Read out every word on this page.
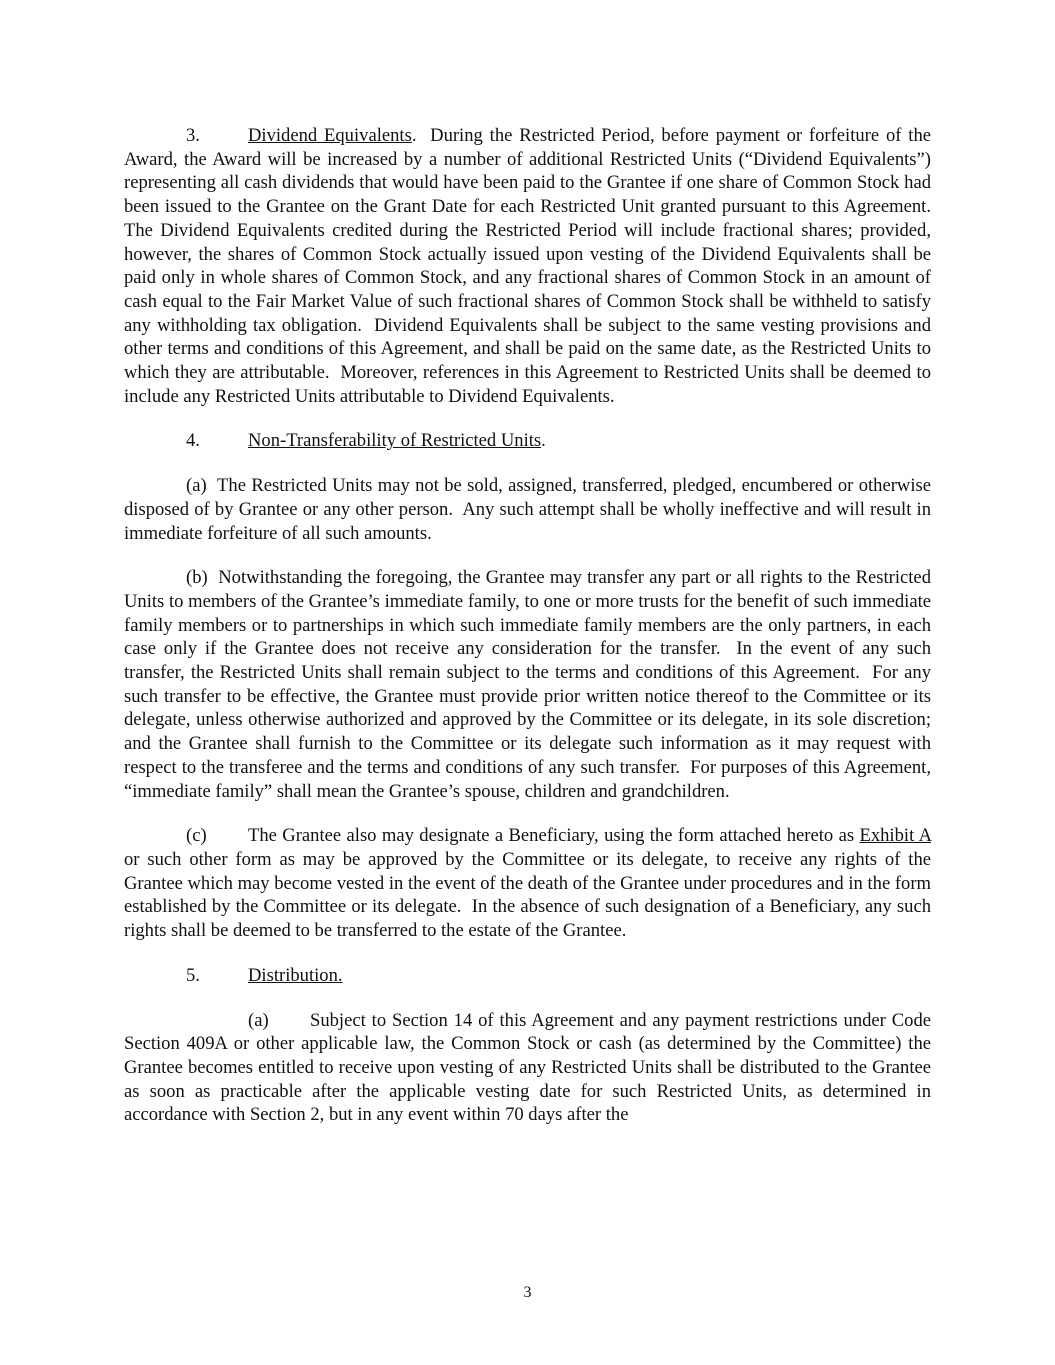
3.	Dividend Equivalents.  During the Restricted Period, before payment or forfeiture of the Award, the Award will be increased by a number of additional Restricted Units (“Dividend Equivalents”) representing all cash dividends that would have been paid to the Grantee if one share of Common Stock had been issued to the Grantee on the Grant Date for each Restricted Unit granted pursuant to this Agreement.  The Dividend Equivalents credited during the Restricted Period will include fractional shares; provided, however, the shares of Common Stock actually issued upon vesting of the Dividend Equivalents shall be paid only in whole shares of Common Stock, and any fractional shares of Common Stock in an amount of cash equal to the Fair Market Value of such fractional shares of Common Stock shall be withheld to satisfy any withholding tax obligation.  Dividend Equivalents shall be subject to the same vesting provisions and other terms and conditions of this Agreement, and shall be paid on the same date, as the Restricted Units to which they are attributable.  Moreover, references in this Agreement to Restricted Units shall be deemed to include any Restricted Units attributable to Dividend Equivalents.

4.	Non-Transferability of Restricted Units.

(a)  The Restricted Units may not be sold, assigned, transferred, pledged, encumbered or otherwise disposed of by Grantee or any other person.  Any such attempt shall be wholly ineffective and will result in immediate forfeiture of all such amounts.

(b)  Notwithstanding the foregoing, the Grantee may transfer any part or all rights to the Restricted Units to members of the Grantee’s immediate family, to one or more trusts for the benefit of such immediate family members or to partnerships in which such immediate family members are the only partners, in each case only if the Grantee does not receive any consideration for the transfer.  In the event of any such transfer, the Restricted Units shall remain subject to the terms and conditions of this Agreement.  For any such transfer to be effective, the Grantee must provide prior written notice thereof to the Committee or its delegate, unless otherwise authorized and approved by the Committee or its delegate, in its sole discretion; and the Grantee shall furnish to the Committee or its delegate such information as it may request with respect to the transferee and the terms and conditions of any such transfer.  For purposes of this Agreement, “immediate family” shall mean the Grantee’s spouse, children and grandchildren.

(c) The Grantee also may designate a Beneficiary, using the form attached hereto as Exhibit A or such other form as may be approved by the Committee or its delegate, to receive any rights of the Grantee which may become vested in the event of the death of the Grantee under procedures and in the form established by the Committee or its delegate.  In the absence of such designation of a Beneficiary, any such rights shall be deemed to be transferred to the estate of the Grantee.

5.	Distribution.

(a) Subject to Section 14 of this Agreement and any payment restrictions under Code Section 409A or other applicable law, the Common Stock or cash (as determined by the Committee) the Grantee becomes entitled to receive upon vesting of any Restricted Units shall be distributed to the Grantee as soon as practicable after the applicable vesting date for such Restricted Units, as determined in accordance with Section 2, but in any event within 70 days after the

3
